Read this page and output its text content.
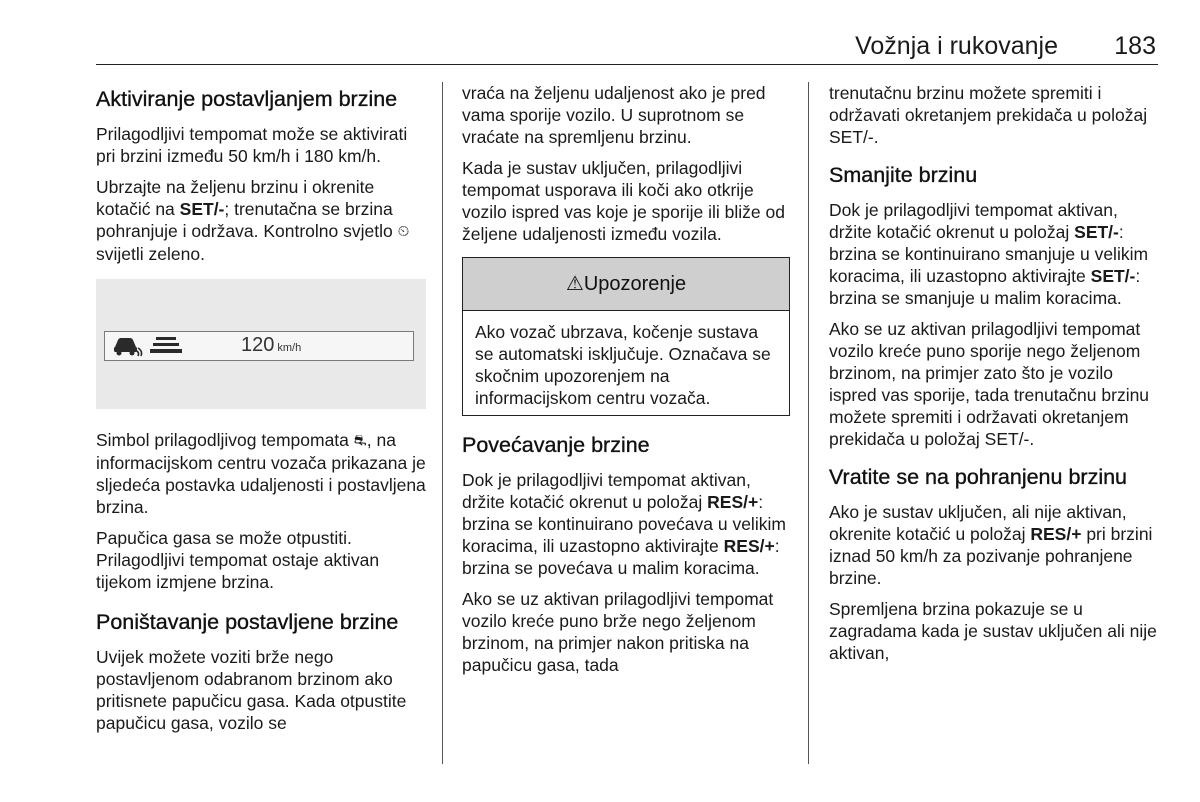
Vožnja i rukovanje 183
Aktiviranje postavljanjem brzine

Prilagodljivi tempomat može se aktivirati pri brzini između 50 km/h i 180 km/h.

Ubrzajte na željenu brzinu i okrenite kotačić na SET/-; trenutačna se brzina pohranjuje i održava. Kontrolno svjetlo ⏲ svijetli zeleno.

120 km/h

Simbol prilagodljivog tempomata ⛐, na informacijskom centru vozača prikazana je sljedeća postavka udaljenosti i postavljena brzina.

Papučica gasa se može otpustiti. Prilagodljivi tempomat ostaje aktivan tijekom izmjene brzina.

Poništavanje postavljene brzine

Uvijek možete voziti brže nego postavljenom odabranom brzinom ako pritisnete papučicu gasa. Kada otpustite papučicu gasa, vozilo se

vraća na željenu udaljenost ako je pred vama sporije vozilo. U suprotnom se vraćate na spremljenu brzinu.

Kada je sustav uključen, prilagodljivi tempomat usporava ili koči ako otkrije vozilo ispred vas koje je sporije ili bliže od željene udaljenosti između vozila.

⚠Upozorenje

Ako vozač ubrzava, kočenje sustava se automatski isključuje. Označava se skočnim upozorenjem na informacijskom centru vozača.

Povećavanje brzine

Dok je prilagodljivi tempomat aktivan, držite kotačić okrenut u položaj RES/+: brzina se kontinuirano povećava u velikim koracima, ili uzastopno aktivirajte RES/+: brzina se povećava u malim koracima.

Ako se uz aktivan prilagodljivi tempomat vozilo kreće puno brže nego željenom brzinom, na primjer nakon pritiska na papučicu gasa, tada

trenutačnu brzinu možete spremiti i održavati okretanjem prekidača u položaj SET/-.

Smanjite brzinu

Dok je prilagodljivi tempomat aktivan, držite kotačić okrenut u položaj SET/-: brzina se kontinuirano smanjuje u velikim koracima, ili uzastopno aktivirajte SET/-: brzina se smanjuje u malim koracima.

Ako se uz aktivan prilagodljivi tempomat vozilo kreće puno sporije nego željenom brzinom, na primjer zato što je vozilo ispred vas sporije, tada trenutačnu brzinu možete spremiti i održavati okretanjem prekidača u položaj SET/-.

Vratite se na pohranjenu brzinu

Ako je sustav uključen, ali nije aktivan, okrenite kotačić u položaj RES/+ pri brzini iznad 50 km/h za pozivanje pohranjene brzine.

Spremljena brzina pokazuje se u zagradama kada je sustav uključen ali nije aktivan,
